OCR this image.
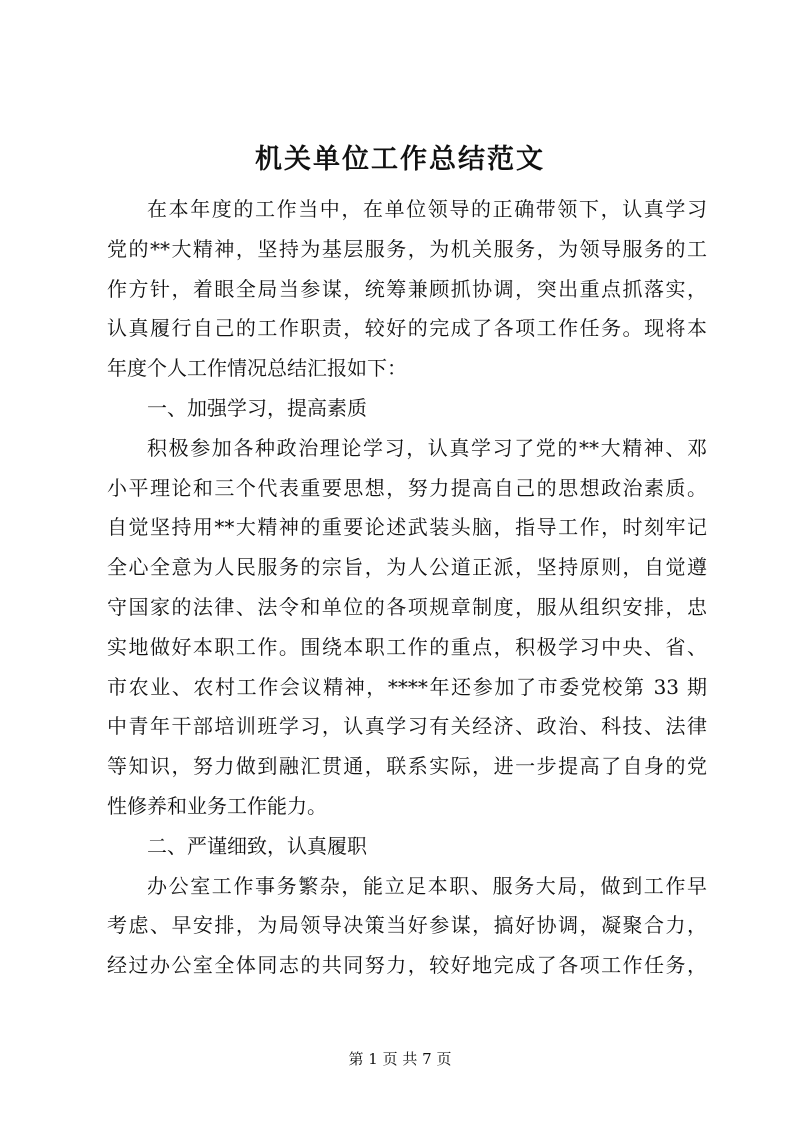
机关单位工作总结范文
在本年度的工作当中，在单位领导的正确带领下，认真学习
党的**大精神，坚持为基层服务，为机关服务，为领导服务的工
作方针，着眼全局当参谋，统筹兼顾抓协调，突出重点抓落实，
认真履行自己的工作职责，较好的完成了各项工作任务。现将本
年度个人工作情况总结汇报如下：
一、加强学习，提高素质
积极参加各种政治理论学习，认真学习了党的**大精神、邓
小平理论和三个代表重要思想，努力提高自己的思想政治素质。
自觉坚持用**大精神的重要论述武装头脑，指导工作，时刻牢记
全心全意为人民服务的宗旨，为人公道正派，坚持原则，自觉遵
守国家的法律、法令和单位的各项规章制度，服从组织安排，忠
实地做好本职工作。围绕本职工作的重点，积极学习中央、省、
市农业、农村工作会议精神，****年还参加了市委党校第 33 期
中青年干部培训班学习，认真学习有关经济、政治、科技、法律
等知识，努力做到融汇贯通，联系实际，进一步提高了自身的党
性修养和业务工作能力。
二、严谨细致，认真履职
办公室工作事务繁杂，能立足本职、服务大局，做到工作早
考虑、早安排，为局领导决策当好参谋，搞好协调，凝聚合力，
经过办公室全体同志的共同努力，较好地完成了各项工作任务，
第 1 页 共 7 页
